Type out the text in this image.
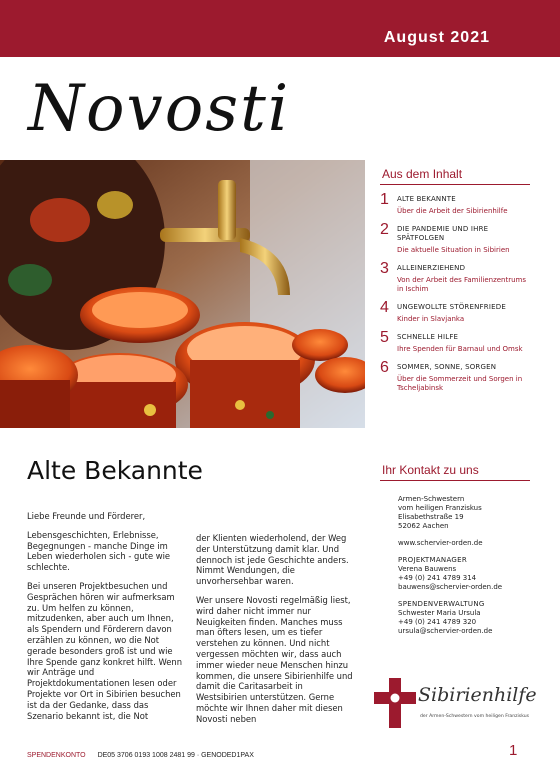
August 2021
Novosti
Aus dem Inhalt
1 ALTE BEKANNTE
Über die Arbeit der Sibirienhilfe
2 DIE PANDEMIE UND IHRE SPÄTFOLGEN
Die aktuelle Situation in Sibirien
3 ALLEINERZIEHEND
Von der Arbeit des Familienzentrums in Ischim
4 UNGEWOLLTE STÖRENFRIEDE
Kinder in Slavjanka
5 SCHNELLE HILFE
Ihre Spenden für Barnaul und Omsk
6 SOMMER, SONNE, SORGEN
Über die Sommerzeit und Sorgen in Tscheljabinsk
Alte Bekannte

Liebe Freunde und Förderer,

Lebensgeschichten, Erlebnisse, Begegnungen - manche Dinge im Leben wiederholen sich - gute wie schlechte.

Bei unseren Projektbesuchen und Gesprächen hören wir aufmerksam zu. Um helfen zu können, mitzudenken, aber auch um Ihnen, als Spendern und Förderern davon erzählen zu können, wo die Not gerade besonders groß ist und wie Ihre Spende ganz konkret hilft. Wenn wir Anträge und Projektdokumentationen lesen oder Projekte vor Ort in Sibirien besuchen ist da der Gedanke, dass das Szenario bekannt ist, die Not

der Klienten wiederholend, der Weg der Unterstützung damit klar. Und dennoch ist jede Geschichte anders. Nimmt Wendungen, die unvorhersehbar waren.

Wer unsere Novosti regelmäßig liest, wird daher nicht immer nur Neuigkeiten finden. Manches muss man öfters lesen, um es tiefer verstehen zu können. Und nicht vergessen möchten wir, dass auch immer wieder neue Menschen hinzu kommen, die unsere Sibirienhilfe und damit die Caritasarbeit in Westsibirien unterstützen. Gerne möchte wir Ihnen daher mit diesen Novosti neben

Ihr Kontakt zu uns
Armen-Schwestern
vom heiligen Franziskus
Elisabethstraße 19
52062 Aachen
www.schervier-orden.de
PROJEKTMANAGER
Verena Bauwens
+49 (0) 241 4789 314
bauwens@schervier-orden.de
SPENDENVERWALTUNG
Schwester Maria Ursula
+49 (0) 241 4789 320
ursula@schervier-orden.de
Sibirienhilfe
der Armen-Schwestern vom heiligen Franziskus
SPENDENKONTO DE05 3706 0193 1008 2481 99 · GENODED1PAX	1
